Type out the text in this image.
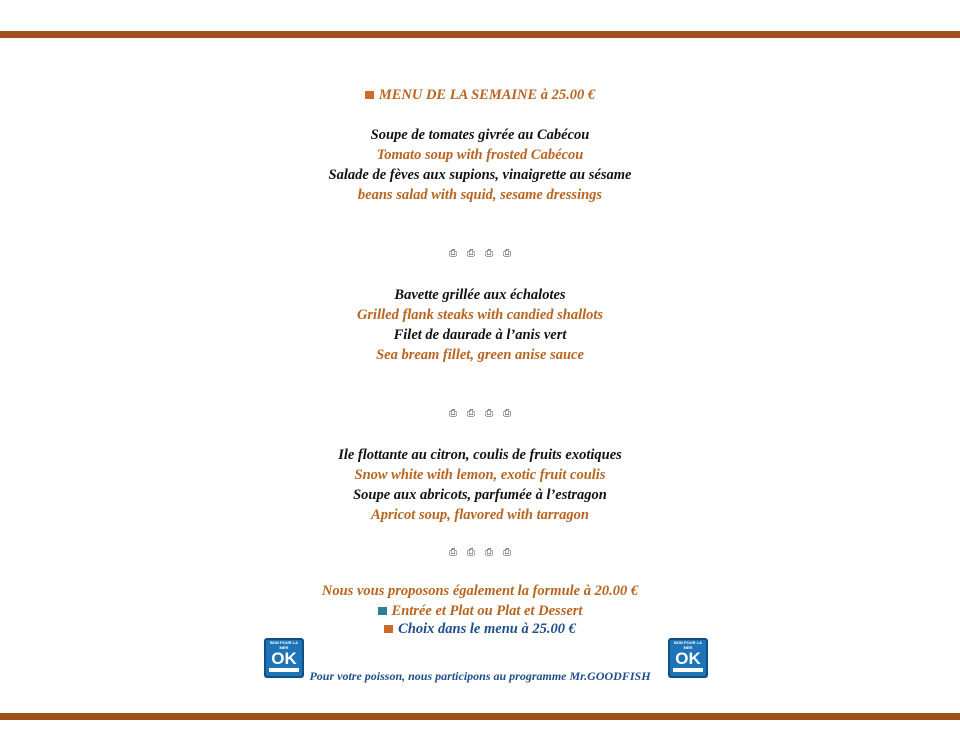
MENU DE LA SEMAINE à 25.00 €
Soupe de tomates givrée au Cabécou
Tomato soup with frosted Cabécou
Salade de fèves aux supions, vinaigrette au sésame
beans salad with squid, sesame dressings
⎙ ⎙ ⎙ ⎙
Bavette grillée aux échalotes
Grilled flank steaks with candied shallots
Filet de daurade à l’anis vert
Sea bream fillet, green anise sauce
⎙ ⎙ ⎙ ⎙
Ile flottante au citron, coulis de fruits exotiques
Snow white with lemon, exotic fruit coulis
Soupe aux abricots, parfumée à l’estragon
Apricot soup, flavored with tarragon
⎙ ⎙ ⎙ ⎙
Nous vous proposons également la formule à 20.00 €
Entrée et Plat ou Plat et Dessert
Choix dans le menu à 25.00 €
BON POUR LA MER
OK
BON POUR LA MER
OK
Pour votre poisson, nous participons au programme Mr.GOODFISH
